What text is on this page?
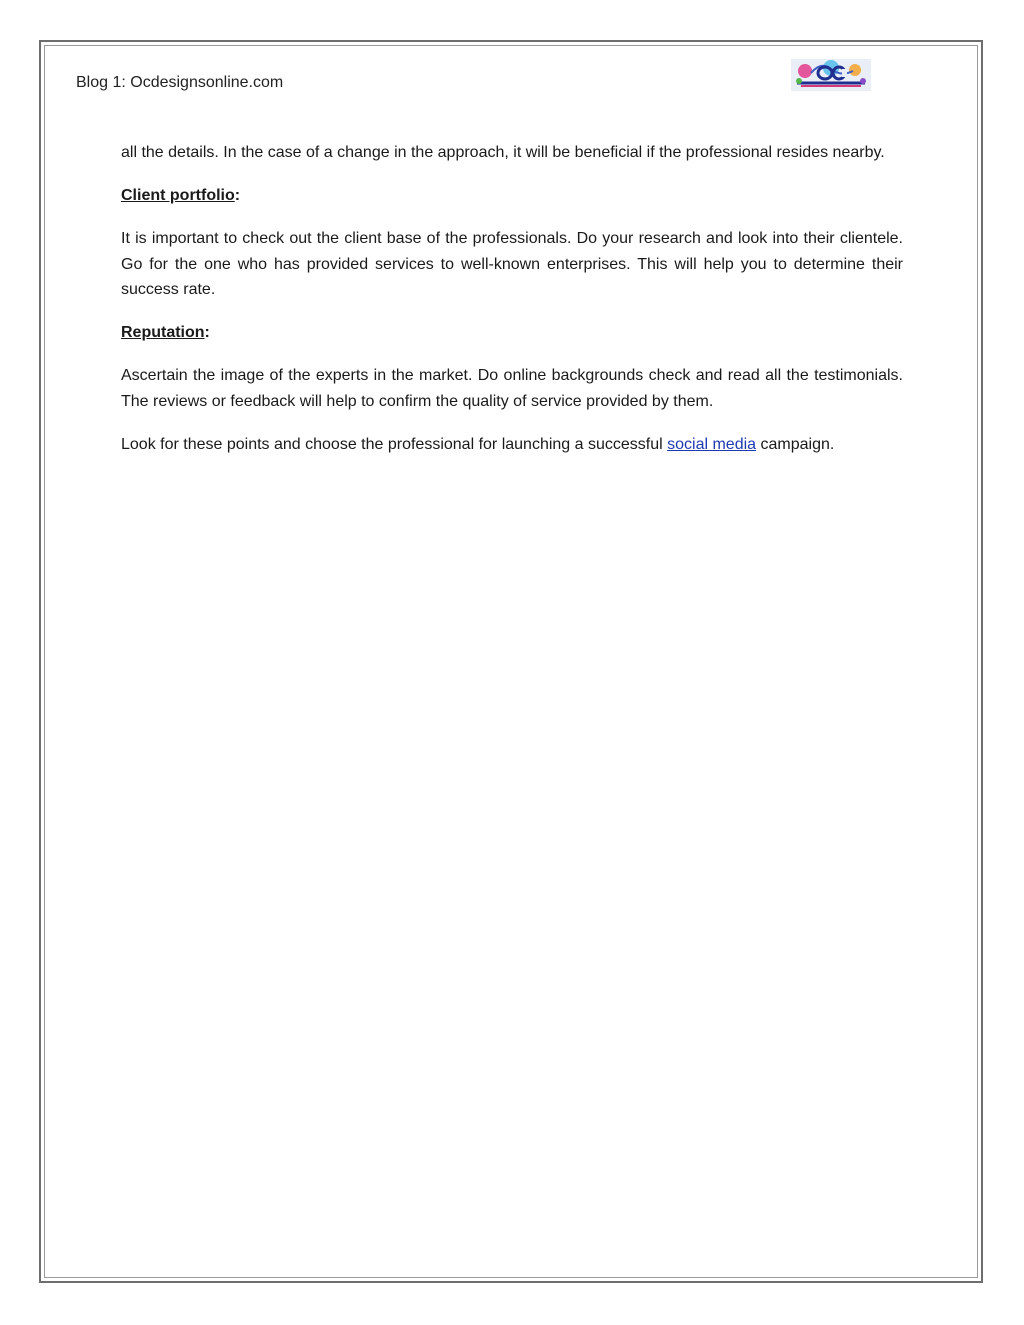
Blog 1: Ocdesignsonline.com

all the details. In the case of a change in the approach, it will be beneficial if the professional resides nearby.

Client portfolio:

It is important to check out the client base of the professionals. Do your research and look into their clientele. Go for the one who has provided services to well-known enterprises. This will help you to determine their success rate.

Reputation:

Ascertain the image of the experts in the market. Do online backgrounds check and read all the testimonials. The reviews or feedback will help to confirm the quality of service provided by them.

Look for these points and choose the professional for launching a successful social media campaign.
